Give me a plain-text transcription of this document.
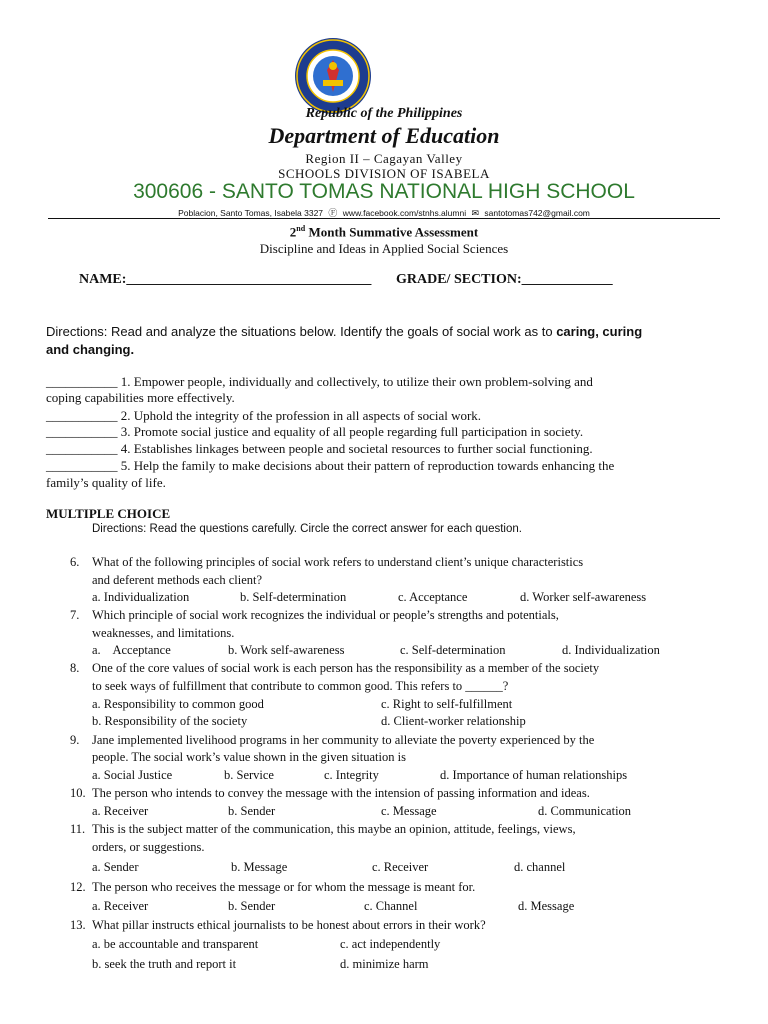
Republic of the Philippines
Department of Education
Region II – Cagayan Valley
SCHOOLS DIVISION OF ISABELA
300606 - SANTO TOMAS NATIONAL HIGH SCHOOL
Poblacion, Santo Tomas, Isabela 3327 Ⓕ www.facebook.com/stnhs.alumni ✉ santotomas742@gmail.com
2nd Month Summative Assessment
Discipline and Ideas in Applied Social Sciences
NAME:___________________________________ GRADE/ SECTION:_____________
Directions: Read and analyze the situations below. Identify the goals of social work as to caring, curing
and changing.
___________ 1. Empower people, individually and collectively, to utilize their own problem-solving and
coping capabilities more effectively.
___________ 2. Uphold the integrity of the profession in all aspects of social work.
___________ 3. Promote social justice and equality of all people regarding full participation in society.
___________ 4. Establishes linkages between people and societal resources to further social functioning.
___________ 5. Help the family to make decisions about their pattern of reproduction towards enhancing the
family’s quality of life.
MULTIPLE CHOICE
Directions: Read the questions carefully. Circle the correct answer for each question.
6. What of the following principles of social work refers to understand client’s unique characteristics
and deferent methods each client?
a. Individualization	b. Self-determination	c. Acceptance	d. Worker self-awareness
7. Which principle of social work recognizes the individual or people’s strengths and potentials,
weaknesses, and limitations.
a.    Acceptance	b. Work self-awareness	c. Self-determination	d. Individualization
8. One of the core values of social work is each person has the responsibility as a member of the society
to seek ways of fulfillment that contribute to common good. This refers to ______?
a. Responsibility to common good	c. Right to self-fulfillment
b. Responsibility of the society	d. Client-worker relationship
9. Jane implemented livelihood programs in her community to alleviate the poverty experienced by the
people. The social work’s value shown in the given situation is
a. Social Justice	b. Service	c. Integrity	d. Importance of human relationships
10. The person who intends to convey the message with the intension of passing information and ideas.
a. Receiver	b. Sender	c. Message	d. Communication
11. This is the subject matter of the communication, this maybe an opinion, attitude, feelings, views,
orders, or suggestions.
a. Sender	b. Message	c. Receiver	d. channel
12. The person who receives the message or for whom the message is meant for.
a. Receiver	b. Sender	c. Channel	d. Message
13. What pillar instructs ethical journalists to be honest about errors in their work?
a. be accountable and transparent	c. act independently
b. seek the truth and report it	d. minimize harm
